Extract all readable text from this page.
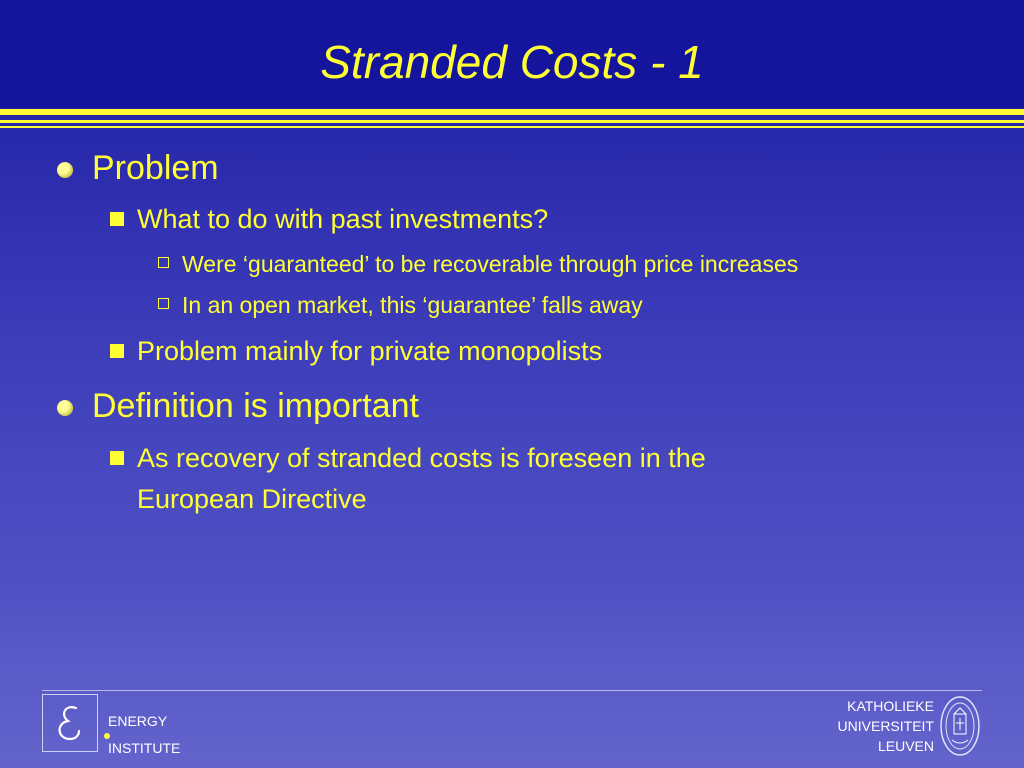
Stranded Costs - 1
Problem
What to do with past investments?
Were ‘guaranteed’ to be recoverable through price increases
In an open market, this ‘guarantee’ falls away
Problem mainly for private monopolists
Definition is important
As recovery of stranded costs is foreseen in the
European Directive
ENERGY
INSTITUTE
KATHOLIEKE
UNIVERSITEIT
LEUVEN
